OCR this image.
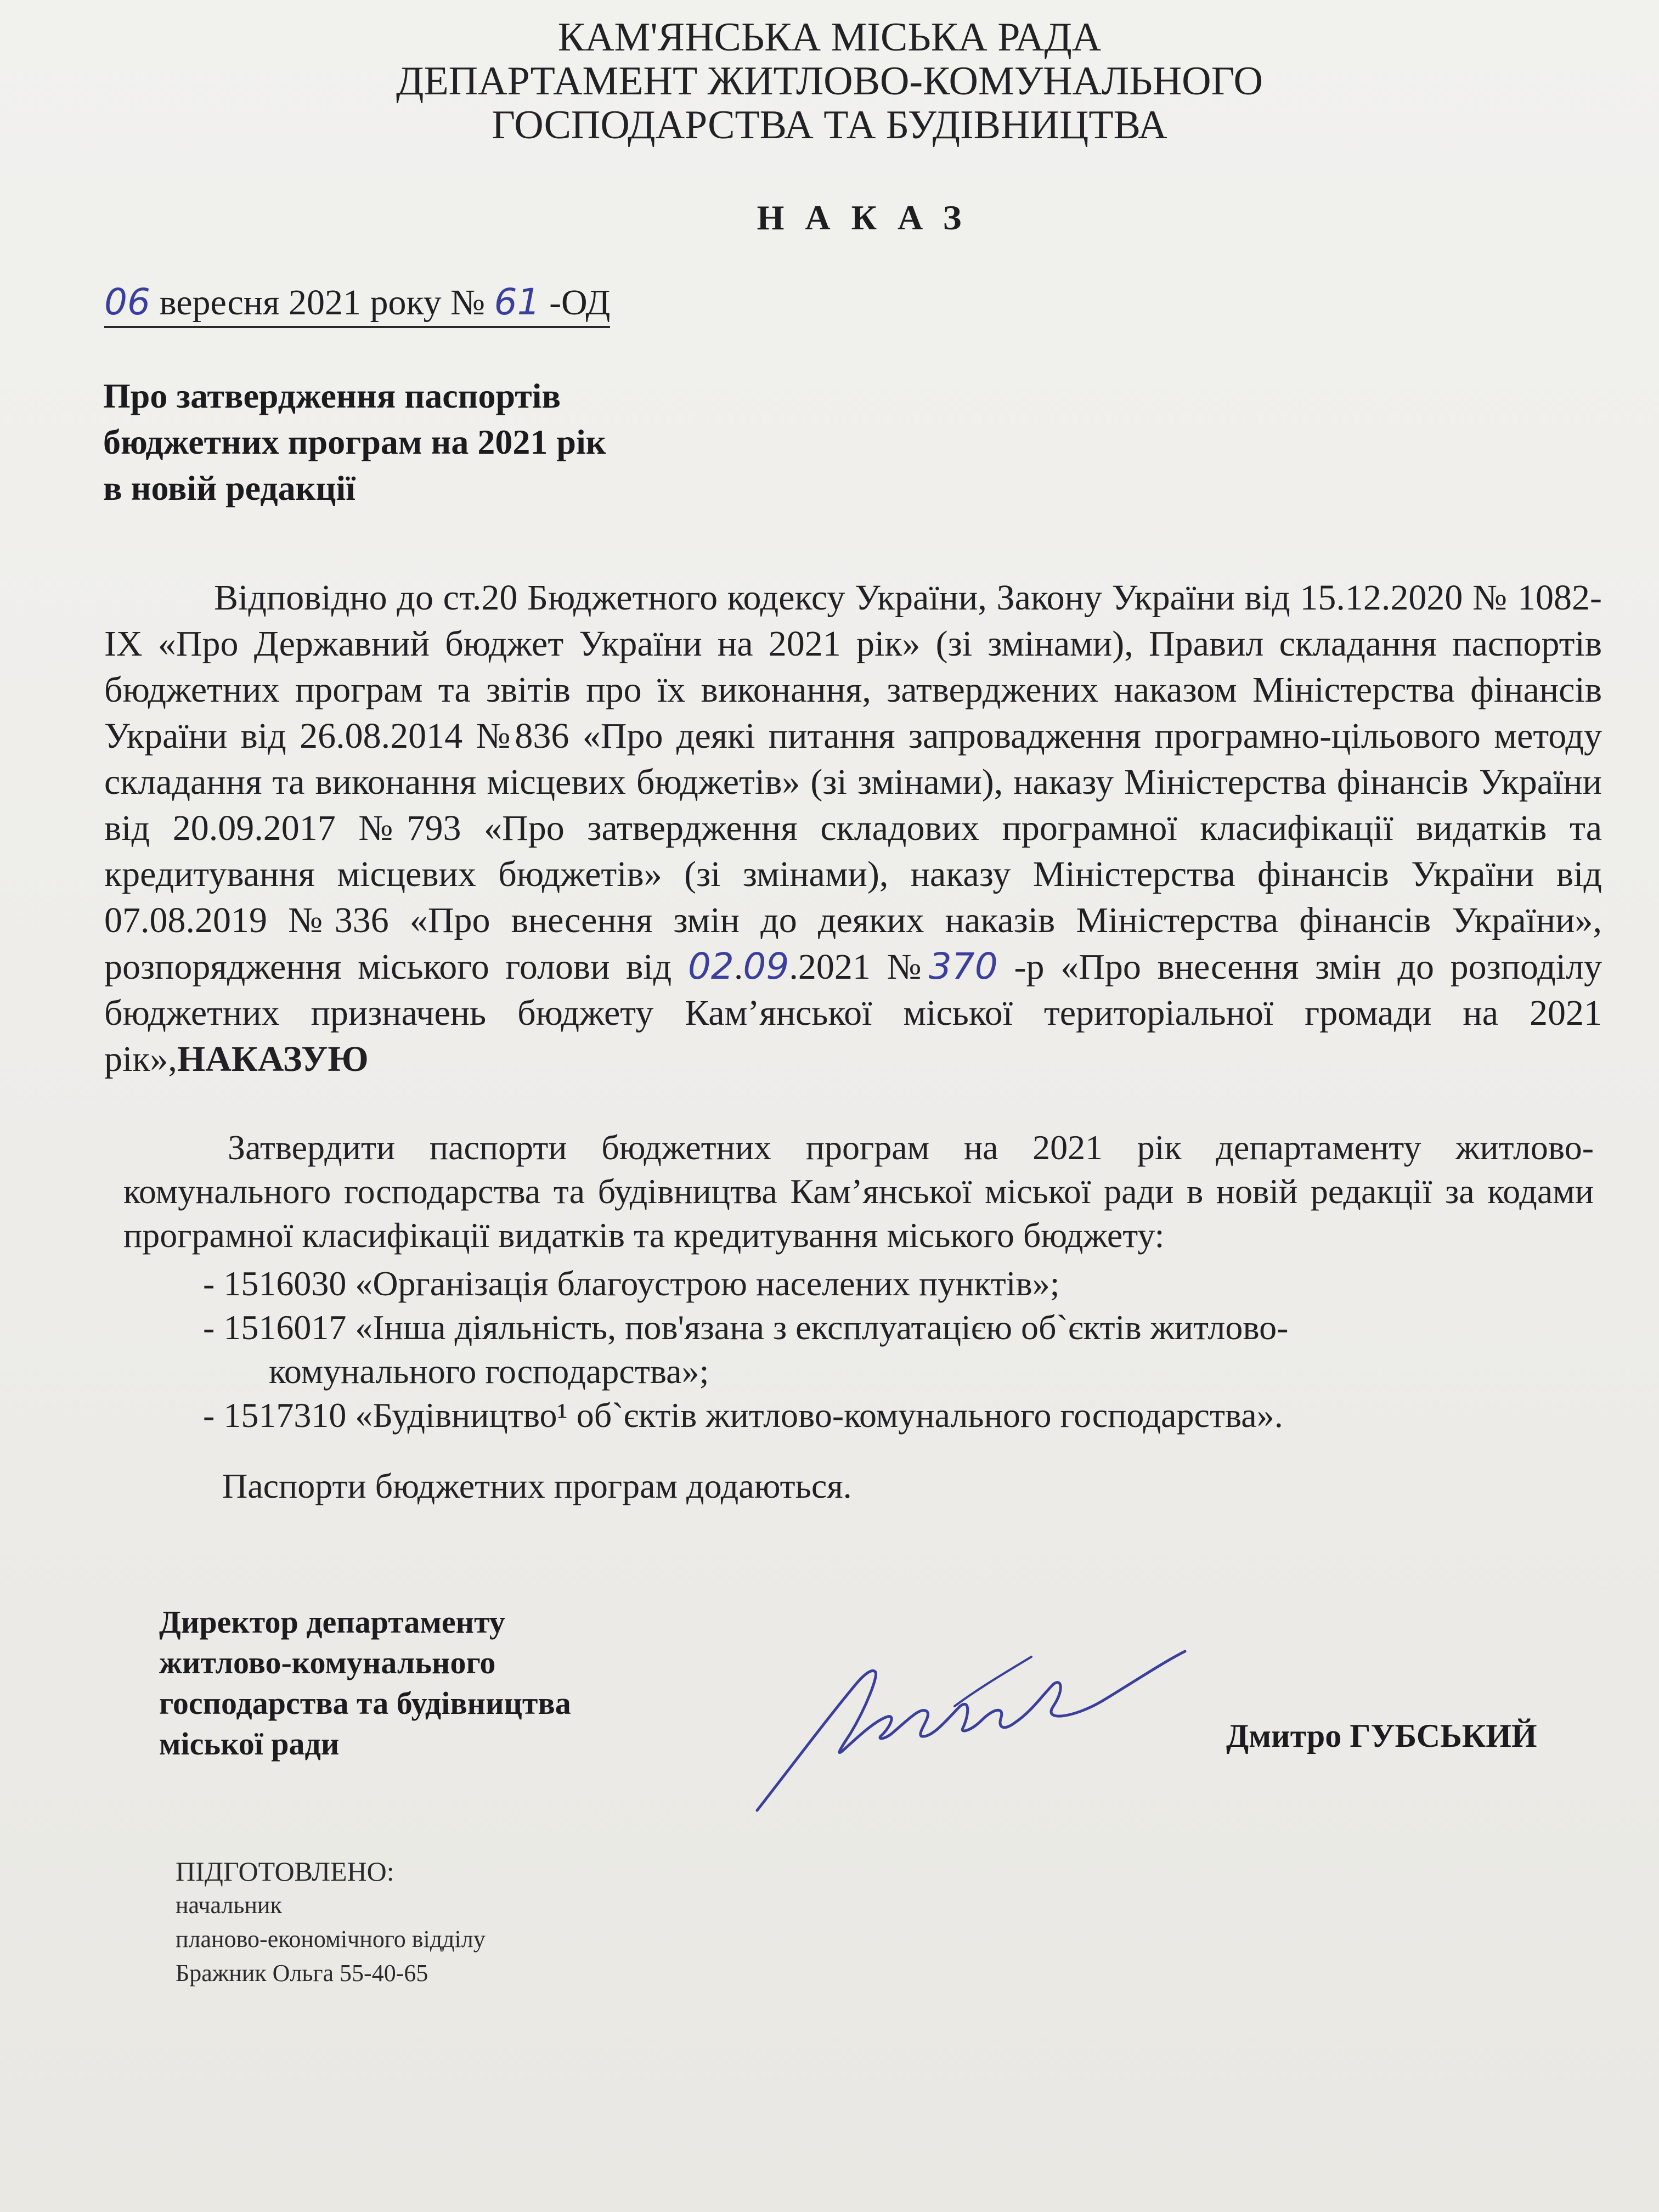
КАМ'ЯНСЬКА МІСЬКА РАДА
ДЕПАРТАМЕНТ ЖИТЛОВО-КОМУНАЛЬНОГО
ГОСПОДАРСТВА ТА БУДІВНИЦТВА
НАКАЗ
06 вересня 2021 року № 61 -ОД
Про затвердження паспортів
бюджетних програм на 2021 рік
в новій редакції
Відповідно до ст.20 Бюджетного кодексу України, Закону України від 15.12.2020 № 1082-IX «Про Державний бюджет України на 2021 рік» (зі змінами), Правил складання паспортів бюджетних програм та звітів про їх виконання, затверджених наказом Міністерства фінансів України від 26.08.2014 №836 «Про деякі питання запровадження програмно-цільового методу складання та виконання місцевих бюджетів» (зі змінами), наказу Міністерства фінансів України від 20.09.2017 №793 «Про затвердження складових програмної класифікації видатків та кредитування місцевих бюджетів» (зі змінами), наказу Міністерства фінансів України від 07.08.2019 №336 «Про внесення змін до деяких наказів Міністерства фінансів України», розпорядження міського голови від 02.09.2021 №370 -р «Про внесення змін до розподілу бюджетних призначень бюджету Кам’янської міської територіальної громади на 2021 рік»,НАКАЗУЮ
Затвердити паспорти бюджетних програм на 2021 рік департаменту житлово-комунального господарства та будівництва Кам’янської міської ради в новій редакції за кодами програмної класифікації видатків та кредитування міського бюджету:
- 1516030 «Організація благоустрою населених пунктів»;
- 1516017 «Інша діяльність, пов'язана з експлуатацією об`єктів житлово-
комунального господарства»;
- 1517310 «Будівництво¹ об`єктів житлово-комунального господарства».
Паспорти бюджетних програм додаються.
Директор департаменту
житлово-комунального
господарства та будівництва
міської ради	Дмитро ГУБСЬКИЙ
ПІДГОТОВЛЕНО:
начальник
планово-економічного відділу
Бражник Ольга 55-40-65
